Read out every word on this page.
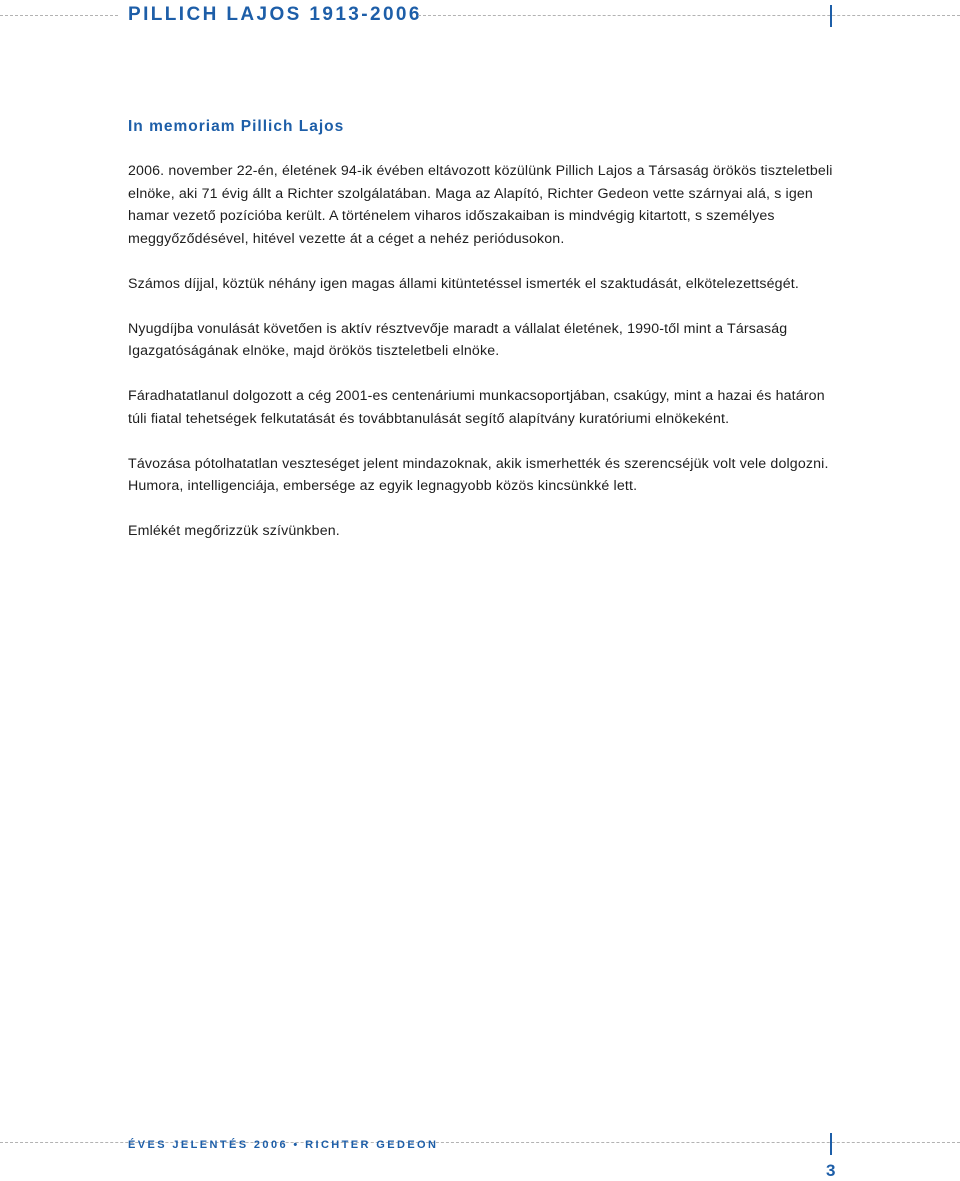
PILLICH LAJOS 1913-2006
In memoriam Pillich Lajos

2006. november 22-én, életének 94-ik évében eltávozott közülünk Pillich Lajos a Társaság örökös tiszteletbeli elnöke, aki 71 évig állt a Richter szolgálatában. Maga az Alapító, Richter Gedeon vette szárnyai alá, s igen hamar vezető pozícióba került. A történelem viharos időszakaiban is mindvégig kitartott, s személyes meggyőződésével, hitével vezette át a céget a nehéz periódusokon.

Számos díjjal, köztük néhány igen magas állami kitüntetéssel ismerték el szaktudását, elkötelezettségét.

Nyugdíjba vonulását követően is aktív résztvevője maradt a vállalat életének, 1990-től mint a Társaság Igazgatóságának elnöke, majd örökös tiszteletbeli elnöke.

Fáradhatatlanul dolgozott a cég 2001-es centenáriumi munkacsoportjában, csakúgy, mint a hazai és határon túli fiatal tehetségek felkutatását és továbbtanulását segítő alapítvány kuratóriumi elnökeként.

Távozása pótolhatatlan veszteséget jelent mindazoknak, akik ismerhették és szerencséjük volt vele dolgozni. Humora, intelligenciája, embersége az egyik legnagyobb közös kincsünkké lett.

Emlékét megőrizzük szívünkben.

ÉVES JELENTÉS 2006 • RICHTER GEDEON
3
